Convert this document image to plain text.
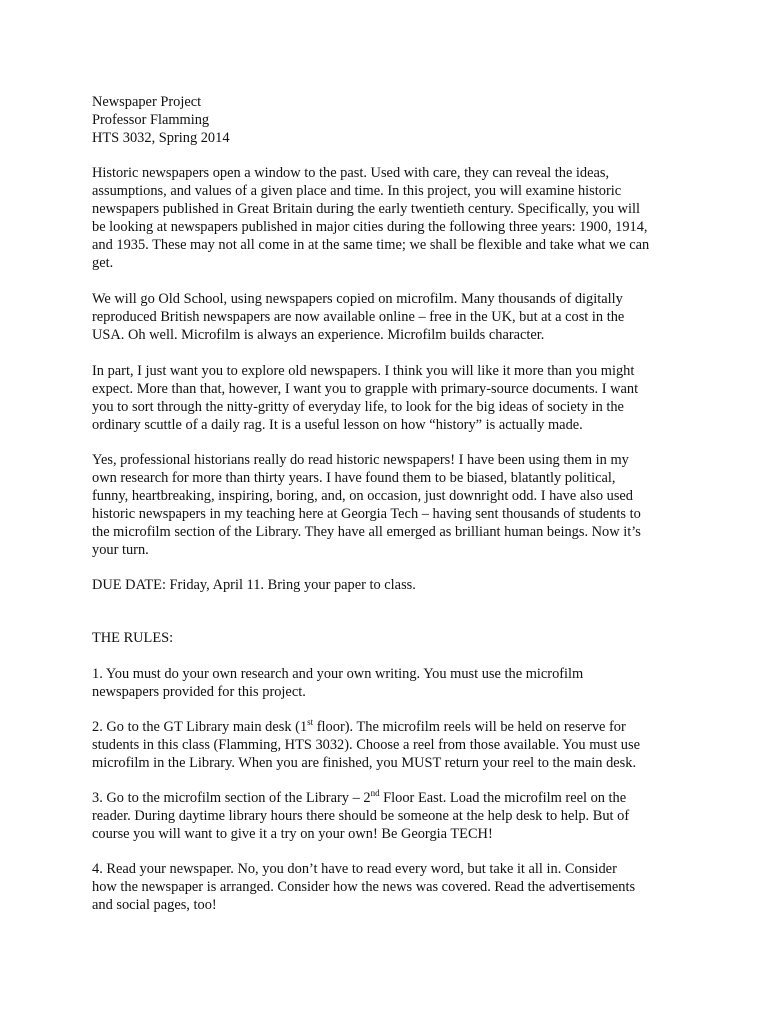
Newspaper Project
Professor Flamming
HTS 3032, Spring 2014
Historic newspapers open a window to the past. Used with care, they can reveal the ideas,
assumptions, and values of a given place and time. In this project, you will examine historic
newspapers published in Great Britain during the early twentieth century. Specifically, you will
be looking at newspapers published in major cities during the following three years: 1900, 1914,
and 1935. These may not all come in at the same time; we shall be flexible and take what we can
get.
We will go Old School, using newspapers copied on microfilm. Many thousands of digitally
reproduced British newspapers are now available online – free in the UK, but at a cost in the
USA. Oh well. Microfilm is always an experience. Microfilm builds character.
In part, I just want you to explore old newspapers. I think you will like it more than you might
expect. More than that, however, I want you to grapple with primary-source documents. I want
you to sort through the nitty-gritty of everyday life, to look for the big ideas of society in the
ordinary scuttle of a daily rag. It is a useful lesson on how “history” is actually made.
Yes, professional historians really do read historic newspapers! I have been using them in my
own research for more than thirty years. I have found them to be biased, blatantly political,
funny, heartbreaking, inspiring, boring, and, on occasion, just downright odd. I have also used
historic newspapers in my teaching here at Georgia Tech – having sent thousands of students to
the microfilm section of the Library. They have all emerged as brilliant human beings. Now it’s
your turn.
DUE DATE: Friday, April 11. Bring your paper to class.
THE RULES:
1. You must do your own research and your own writing. You must use the microfilm
newspapers provided for this project.
2. Go to the GT Library main desk (1st floor). The microfilm reels will be held on reserve for
students in this class (Flamming, HTS 3032). Choose a reel from those available. You must use
microfilm in the Library. When you are finished, you MUST return your reel to the main desk.
3. Go to the microfilm section of the Library – 2nd Floor East. Load the microfilm reel on the
reader. During daytime library hours there should be someone at the help desk to help. But of
course you will want to give it a try on your own! Be Georgia TECH!
4. Read your newspaper. No, you don’t have to read every word, but take it all in. Consider
how the newspaper is arranged. Consider how the news was covered. Read the advertisements
and social pages, too!
